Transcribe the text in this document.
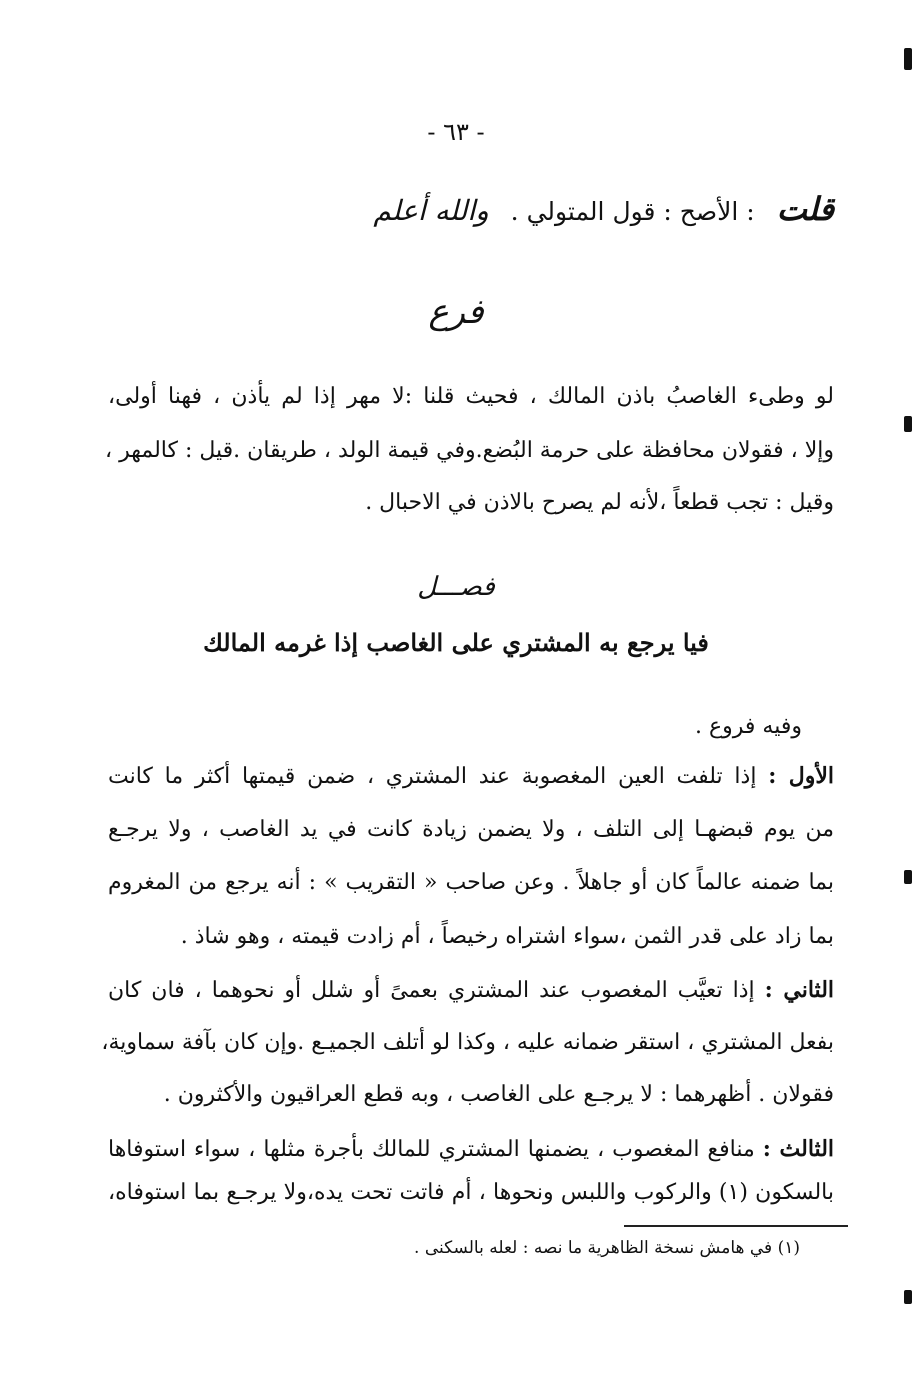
- ٦٣ -
قلت : الأصح : قول المتولي . والله أعلم
فرع
لو وطىء الغاصبُ باذن المالك ، فحيث قلنا :لا مهر إذا لم يأذن ، فهنا أولى،
وإلا ، فقولان محافظة على حرمة البُضع.وفي قيمة الولد ، طريقان .قيل : كالمهر ،
وقيل : تجب قطعاً ،لأنه لم يصرح بالاذن في الاحبال .
فصـــل
فيا يرجع به المشتري على الغاصب إذا غرمه المالك
وفيه فروع .
الأول : إذا تلفت العين المغصوبة عند المشتري ، ضمن قيمتها أكثر ما كانت
من يوم قبضهـا إلى التلف ، ولا يضمن زيادة كانت في يد الغاصب ، ولا يرجـع
بما ضمنه عالماً كان أو جاهلاً . وعن صاحب « التقريب » : أنه يرجع من المغروم
بما زاد على قدر الثمن ،سواء اشتراه رخيصاً ، أم زادت قيمته ، وهو شاذ .
الثاني : إذا تعيَّب المغصوب عند المشتري بعمىً أو شلل أو نحوهما ، فان كان
بفعل المشتري ، استقر ضمانه عليه ، وكذا لو أتلف الجميـع .وإن كان بآفة سماوية،
فقولان . أظهرهما : لا يرجـع على الغاصب ، وبه قطع العراقيون والأكثرون .
الثالث : منافع المغصوب ، يضمنها المشتري للمالك بأجرة مثلها ، سواء استوفاها
بالسكون (١) والركوب واللبس ونحوها ، أم فاتت تحت يده،ولا يرجـع بما استوفاه،
(١) في هامش نسخة الظاهرية ما نصه : لعله بالسكنى .
